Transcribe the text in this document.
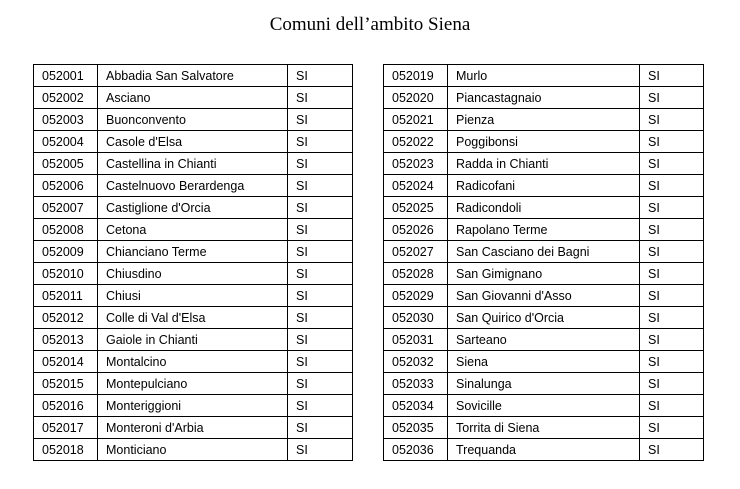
Comuni dell’ambito Siena
052001	Abbadia San Salvatore	SI
052002	Asciano	SI
052003	Buonconvento	SI
052004	Casole d'Elsa	SI
052005	Castellina in Chianti	SI
052006	Castelnuovo Berardenga	SI
052007	Castiglione d'Orcia	SI
052008	Cetona	SI
052009	Chianciano Terme	SI
052010	Chiusdino	SI
052011	Chiusi	SI
052012	Colle di Val d'Elsa	SI
052013	Gaiole in Chianti	SI
052014	Montalcino	SI
052015	Montepulciano	SI
052016	Monteriggioni	SI
052017	Monteroni d'Arbia	SI
052018	Monticiano	SI
052019	Murlo	SI
052020	Piancastagnaio	SI
052021	Pienza	SI
052022	Poggibonsi	SI
052023	Radda in Chianti	SI
052024	Radicofani	SI
052025	Radicondoli	SI
052026	Rapolano Terme	SI
052027	San Casciano dei Bagni	SI
052028	San Gimignano	SI
052029	San Giovanni d'Asso	SI
052030	San Quirico d'Orcia	SI
052031	Sarteano	SI
052032	Siena	SI
052033	Sinalunga	SI
052034	Sovicille	SI
052035	Torrita di Siena	SI
052036	Trequanda	SI
